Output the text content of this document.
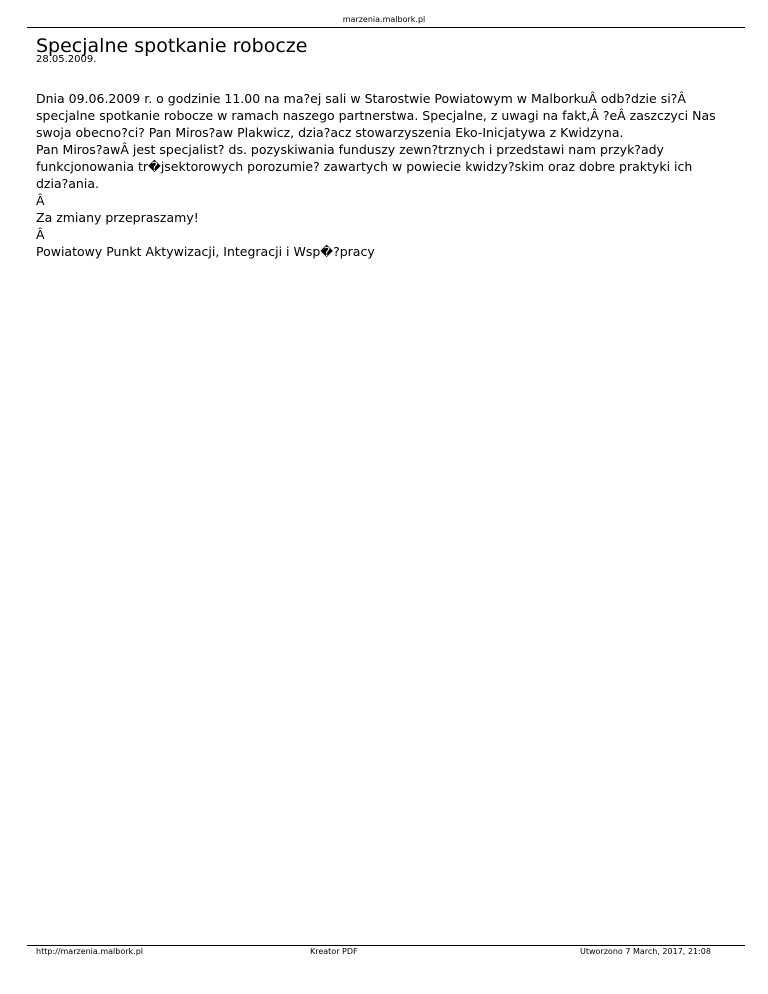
marzenia.malbork.pl
Specjalne spotkanie robocze
28.05.2009.

Dnia 09.06.2009 r. o godzinie 11.00 na ma?ej sali w Starostwie Powiatowym w MalborkuÂ odb?dzie si?Â specjalne spotkanie robocze w ramach naszego partnerstwa. Specjalne, z uwagi na fakt,Â ?eÂ zaszczyci Nas swoja obecno?ci? Pan Miros?aw Plakwicz, dzia?acz stowarzyszenia Eko-Inicjatywa z Kwidzyna.

Pan Miros?awÂ jest specjalist? ds. pozyskiwania funduszy zewn?trznych i przedstawi nam przyk?ady funkcjonowania tr�jsektorowych porozumie? zawartych w powiecie kwidzy?skim oraz dobre praktyki ich dzia?ania.

Â

Za zmiany przepraszamy!

Â

Powiatowy Punkt Aktywizacji, Integracji i Wsp�?pracy

http://marzenia.malbork.pl	Kreator PDF	Utworzono 7 March, 2017, 21:08
